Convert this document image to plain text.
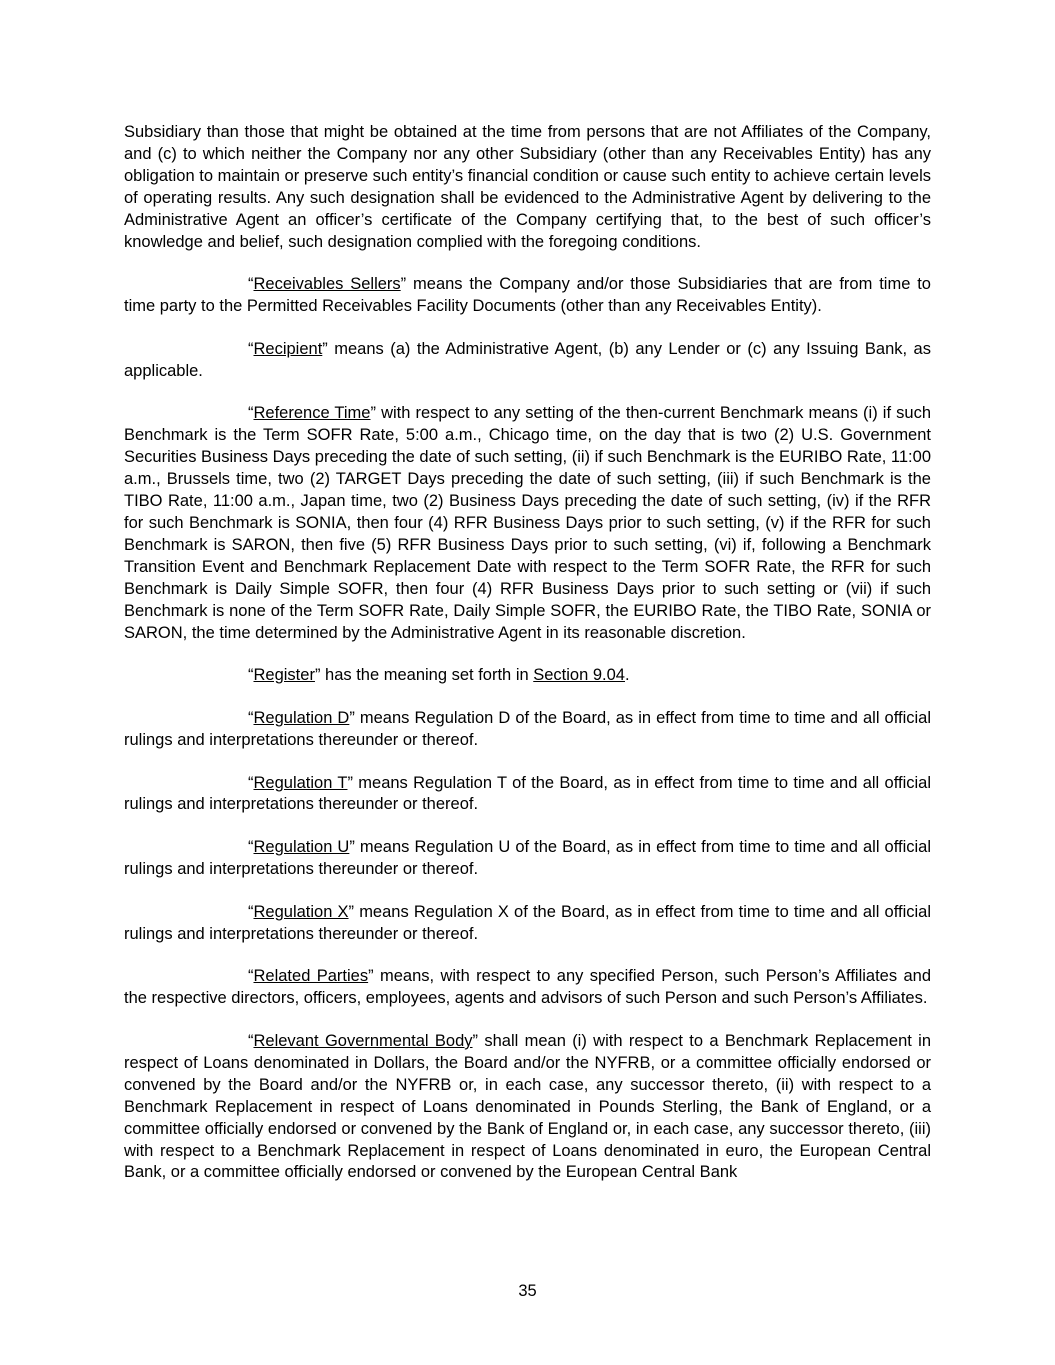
Subsidiary than those that might be obtained at the time from persons that are not Affiliates of the Company, and (c) to which neither the Company nor any other Subsidiary (other than any Receivables Entity) has any obligation to maintain or preserve such entity’s financial condition or cause such entity to achieve certain levels of operating results. Any such designation shall be evidenced to the Administrative Agent by delivering to the Administrative Agent an officer’s certificate of the Company certifying that, to the best of such officer’s knowledge and belief, such designation complied with the foregoing conditions.

“Receivables Sellers” means the Company and/or those Subsidiaries that are from time to time party to the Permitted Receivables Facility Documents (other than any Receivables Entity).

“Recipient” means (a) the Administrative Agent, (b) any Lender or (c) any Issuing Bank, as applicable.

“Reference Time” with respect to any setting of the then-current Benchmark means (i) if such Benchmark is the Term SOFR Rate, 5:00 a.m., Chicago time, on the day that is two (2) U.S. Government Securities Business Days preceding the date of such setting, (ii) if such Benchmark is the EURIBO Rate, 11:00 a.m., Brussels time, two (2) TARGET Days preceding the date of such setting, (iii) if such Benchmark is the TIBO Rate, 11:00 a.m., Japan time, two (2) Business Days preceding the date of such setting, (iv) if the RFR for such Benchmark is SONIA, then four (4) RFR Business Days prior to such setting, (v) if the RFR for such Benchmark is SARON, then five (5) RFR Business Days prior to such setting, (vi) if, following a Benchmark Transition Event and Benchmark Replacement Date with respect to the Term SOFR Rate, the RFR for such Benchmark is Daily Simple SOFR, then four (4) RFR Business Days prior to such setting or (vii) if such Benchmark is none of the Term SOFR Rate, Daily Simple SOFR, the EURIBO Rate, the TIBO Rate, SONIA or SARON, the time determined by the Administrative Agent in its reasonable discretion.

“Register” has the meaning set forth in Section 9.04.

“Regulation D” means Regulation D of the Board, as in effect from time to time and all official rulings and interpretations thereunder or thereof.

“Regulation T” means Regulation T of the Board, as in effect from time to time and all official rulings and interpretations thereunder or thereof.

“Regulation U” means Regulation U of the Board, as in effect from time to time and all official rulings and interpretations thereunder or thereof.

“Regulation X” means Regulation X of the Board, as in effect from time to time and all official rulings and interpretations thereunder or thereof.

“Related Parties” means, with respect to any specified Person, such Person’s Affiliates and the respective directors, officers, employees, agents and advisors of such Person and such Person’s Affiliates.

“Relevant Governmental Body” shall mean (i) with respect to a Benchmark Replacement in respect of Loans denominated in Dollars, the Board and/or the NYFRB, or a committee officially endorsed or convened by the Board and/or the NYFRB or, in each case, any successor thereto, (ii) with respect to a Benchmark Replacement in respect of Loans denominated in Pounds Sterling, the Bank of England, or a committee officially endorsed or convened by the Bank of England or, in each case, any successor thereto, (iii) with respect to a Benchmark Replacement in respect of Loans denominated in euro, the European Central Bank, or a committee officially endorsed or convened by the European Central Bank

35
